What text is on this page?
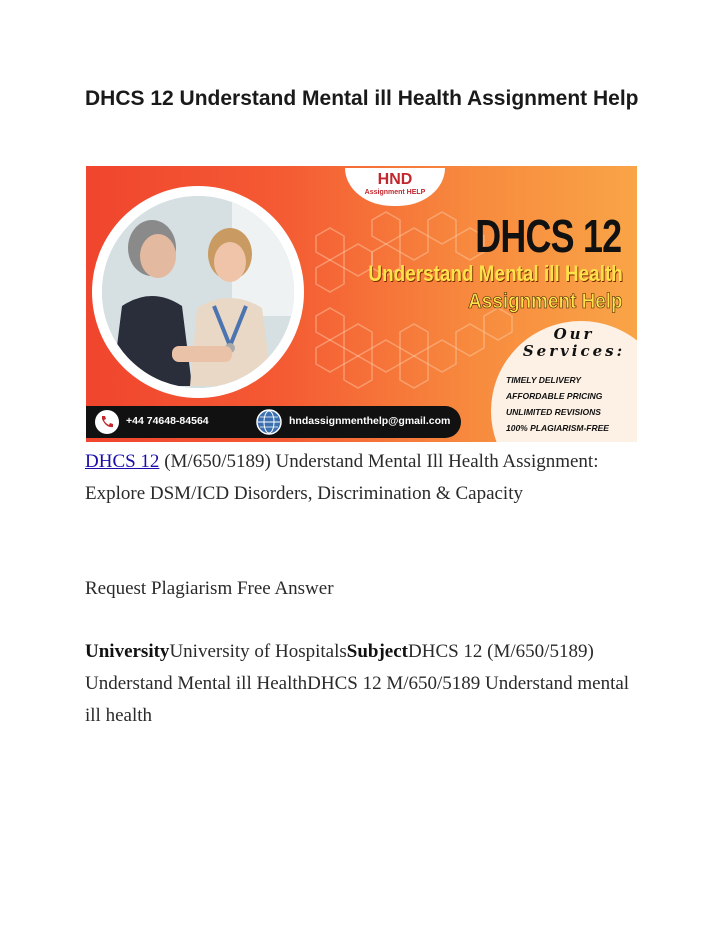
DHCS 12 Understand Mental ill Health Assignment Help
HND
Assignment HELP
DHCS 12
Understand Mental ill Health
Assignment Help
Our Services:
TIMELY DELIVERY
AFFORDABLE PRICING
UNLIMITED REVISIONS
100% PLAGIARISM-FREE
+44 74648-84564	hndassignmenthelp@gmail.com

DHCS 12 (M/650/5189) Understand Mental Ill Health Assignment: Explore DSM/ICD Disorders, Discrimination & Capacity

Request Plagiarism Free Answer

UniversityUniversity of HospitalsSubjectDHCS 12 (M/650/5189) Understand Mental ill HealthDHCS 12 M/650/5189 Understand mental ill health
